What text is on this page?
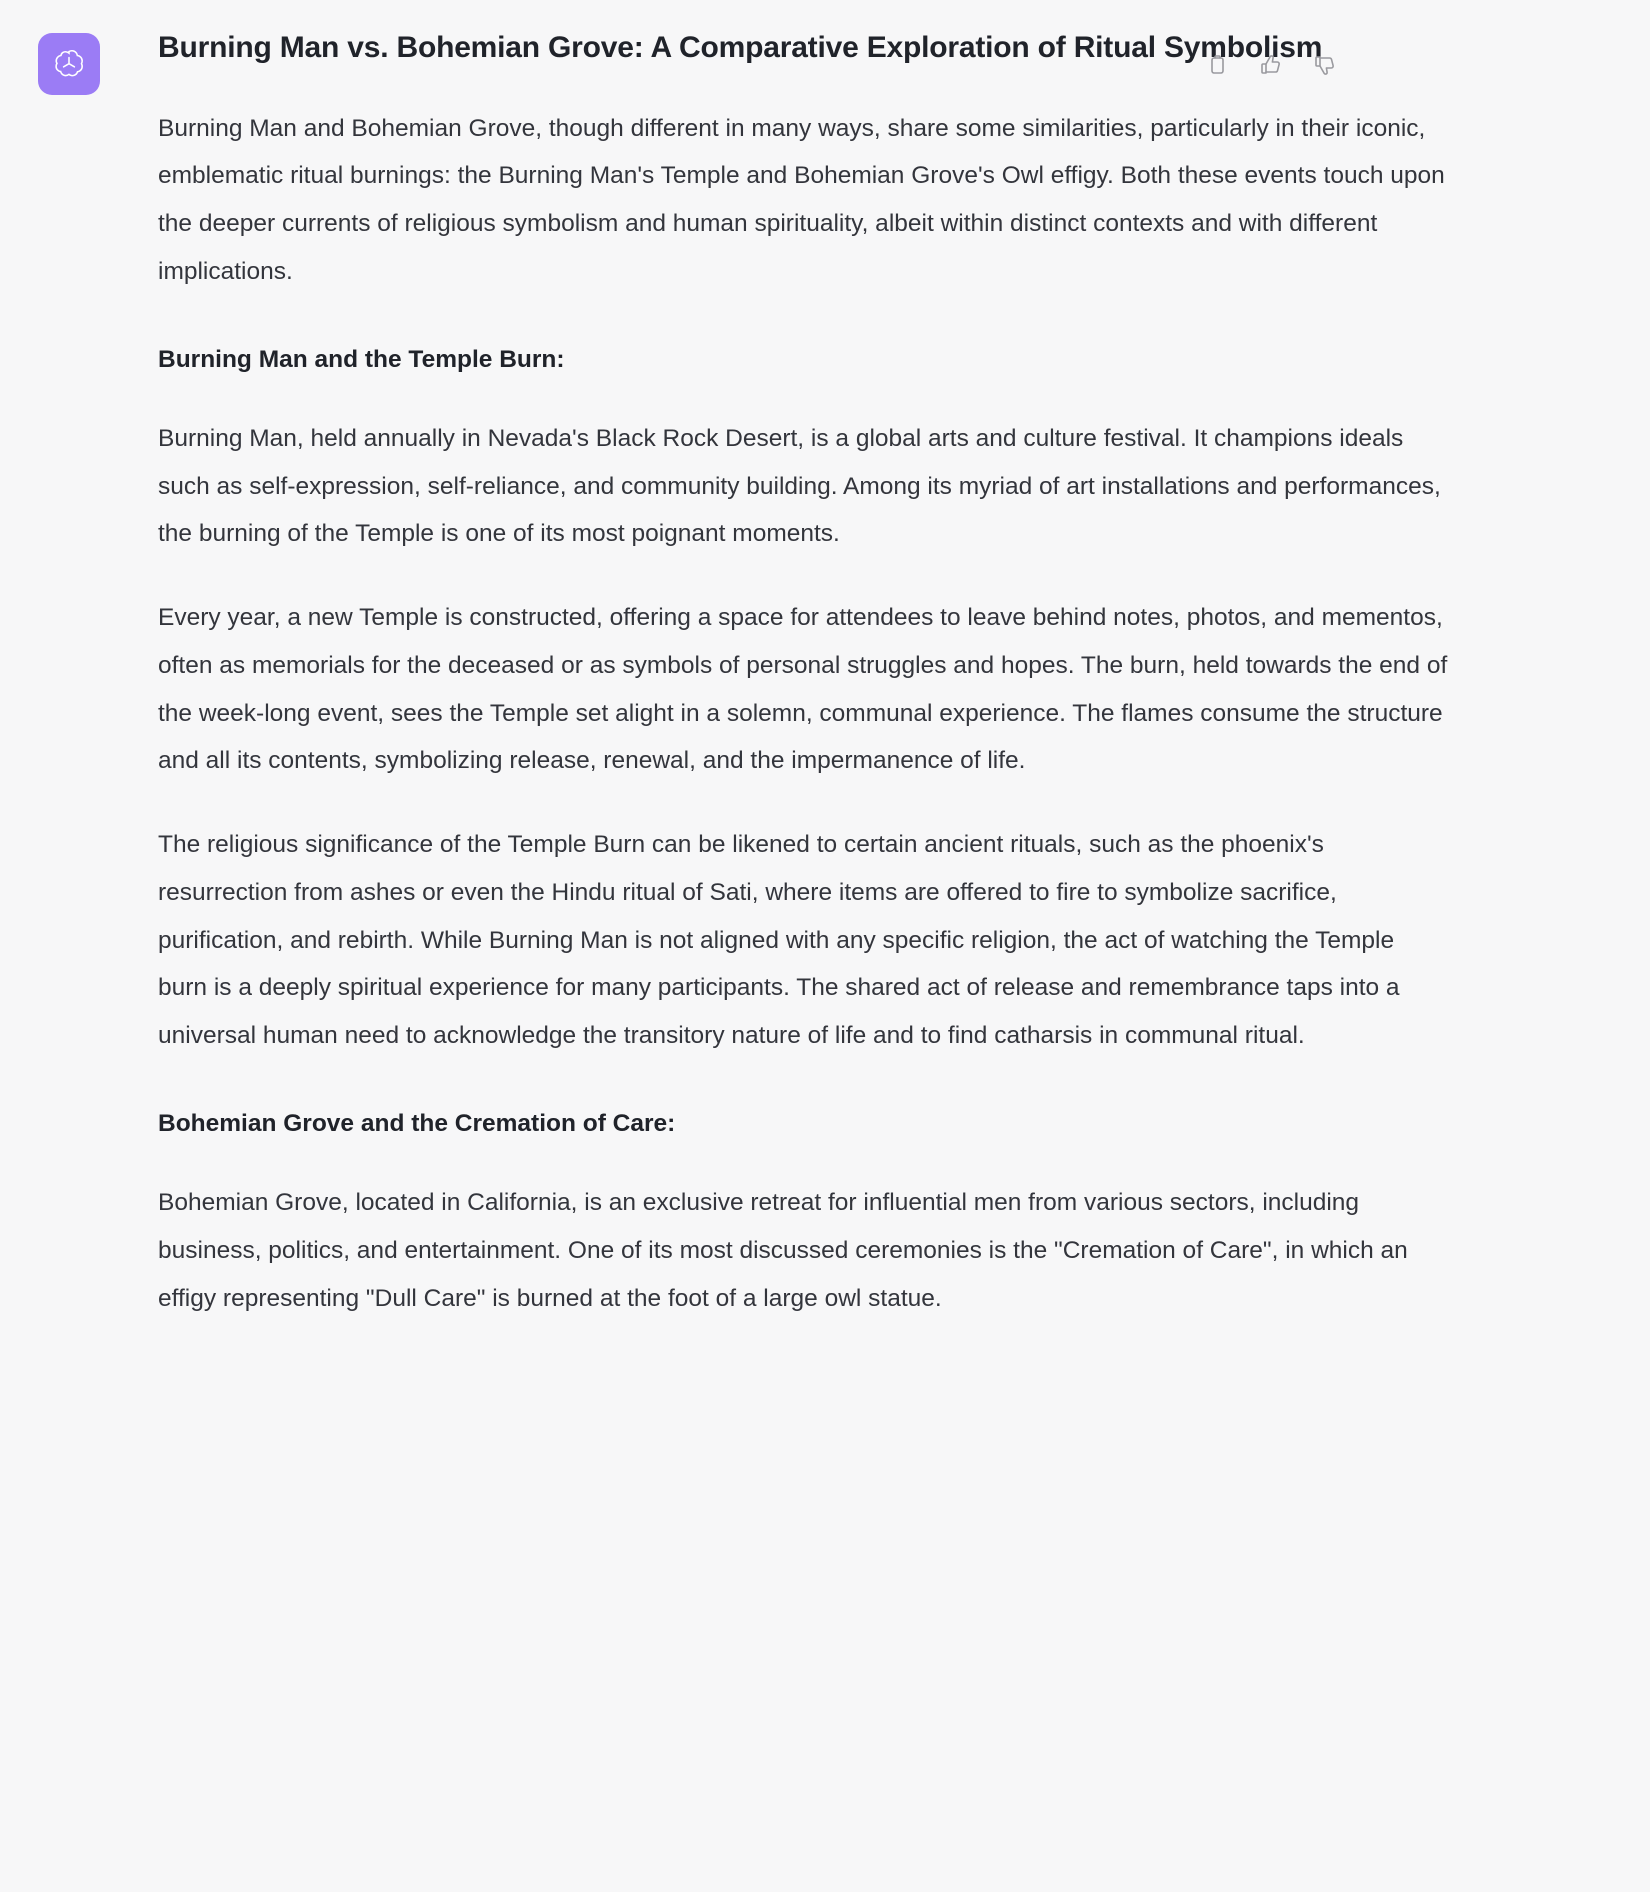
Burning Man vs. Bohemian Grove: A Comparative Exploration of Ritual Symbolism

Burning Man and Bohemian Grove, though different in many ways, share some similarities, particularly in their iconic, emblematic ritual burnings: the Burning Man's Temple and Bohemian Grove's Owl effigy. Both these events touch upon the deeper currents of religious symbolism and human spirituality, albeit within distinct contexts and with different implications.

Burning Man and the Temple Burn:

Burning Man, held annually in Nevada's Black Rock Desert, is a global arts and culture festival. It champions ideals such as self-expression, self-reliance, and community building. Among its myriad of art installations and performances, the burning of the Temple is one of its most poignant moments.

Every year, a new Temple is constructed, offering a space for attendees to leave behind notes, photos, and mementos, often as memorials for the deceased or as symbols of personal struggles and hopes. The burn, held towards the end of the week-long event, sees the Temple set alight in a solemn, communal experience. The flames consume the structure and all its contents, symbolizing release, renewal, and the impermanence of life.

The religious significance of the Temple Burn can be likened to certain ancient rituals, such as the phoenix's resurrection from ashes or even the Hindu ritual of Sati, where items are offered to fire to symbolize sacrifice, purification, and rebirth. While Burning Man is not aligned with any specific religion, the act of watching the Temple burn is a deeply spiritual experience for many participants. The shared act of release and remembrance taps into a universal human need to acknowledge the transitory nature of life and to find catharsis in communal ritual.

Bohemian Grove and the Cremation of Care:

Bohemian Grove, located in California, is an exclusive retreat for influential men from various sectors, including business, politics, and entertainment. One of its most discussed ceremonies is the "Cremation of Care", in which an effigy representing "Dull Care" is burned at the foot of a large owl statue.
